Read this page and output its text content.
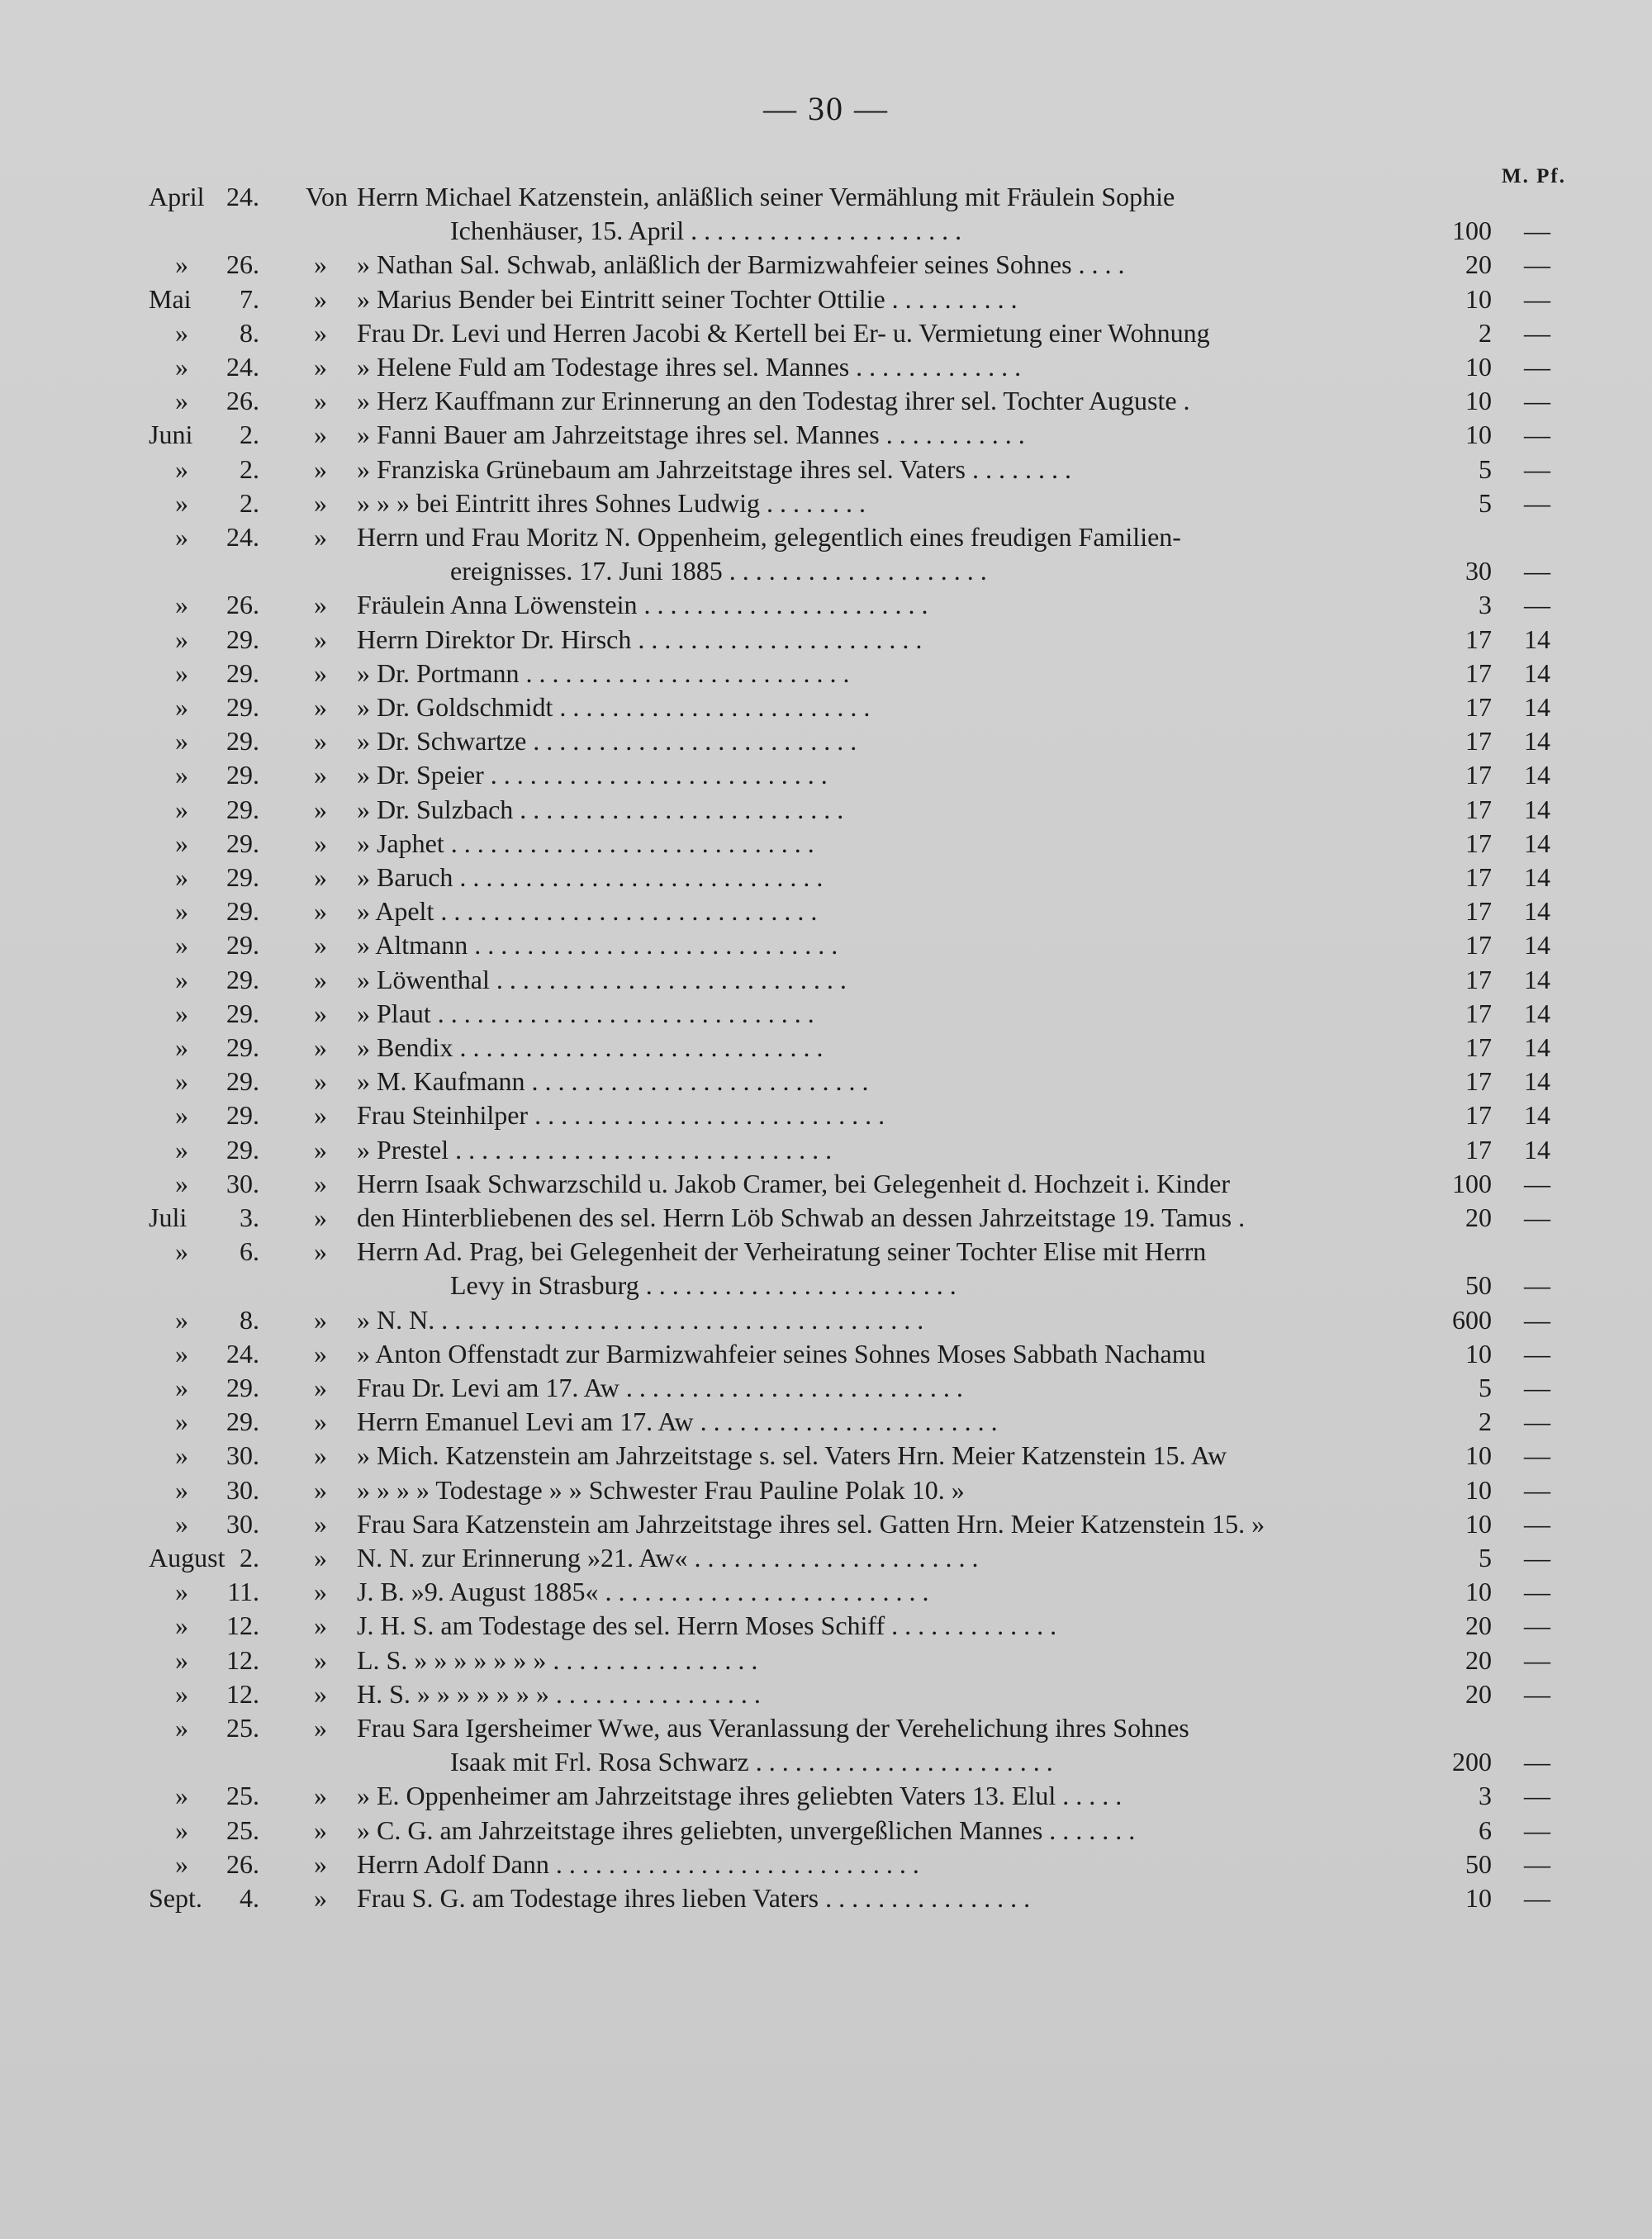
— 30 —
M. Pf.
April 24. Von Herrn Michael Katzenstein, anläßlich seiner Vermählung mit Fräulein Sophie
Ichenhäuser, 15. April . . . . . . . . . . . . . . . . . . . . .	100 —
»	26. » » Nathan Sal. Schwab, anläßlich der Barmizwahfeier seines Sohnes . . . .	20 —
Mai	7. » » Marius Bender bei Eintritt seiner Tochter Ottilie . . . . . . . . . .	10 —
»	8. » Frau Dr. Levi und Herren Jacobi & Kertell bei Er- u. Vermietung einer Wohnung	2 —
»	24. » » Helene Fuld am Todestage ihres sel. Mannes . . . . . . . . . . . . .	10 —
»	26. » » Herz Kauffmann zur Erinnerung an den Todestag ihrer sel. Tochter Auguste .	10 —
Juni	2. » » Fanni Bauer am Jahrzeitstage ihres sel. Mannes . . . . . . . . . . .	10 —
»	2. » » Franziska Grünebaum am Jahrzeitstage ihres sel. Vaters . . . . . . . .	5 —
»	2. » » » » bei Eintritt ihres Sohnes Ludwig . . . . . . . .	5 —
»	24. » Herrn und Frau Moritz N. Oppenheim, gelegentlich eines freudigen Familien-
ereignisses. 17. Juni 1885 . . . . . . . . . . . . . . . . . . . .	30 —
»	26. » Fräulein Anna Löwenstein . . . . . . . . . . . . . . . . . . . . . .	3 —
»	29. » Herrn Direktor Dr. Hirsch . . . . . . . . . . . . . . . . . . . . . .	17 14
»	29. » » Dr. Portmann . . . . . . . . . . . . . . . . . . . . . . . . .	17 14
»	29. » » Dr. Goldschmidt . . . . . . . . . . . . . . . . . . . . . . . .	17 14
»	29. » » Dr. Schwartze . . . . . . . . . . . . . . . . . . . . . . . . .	17 14
»	29. » » Dr. Speier . . . . . . . . . . . . . . . . . . . . . . . . . .	17 14
»	29. » » Dr. Sulzbach . . . . . . . . . . . . . . . . . . . . . . . . .	17 14
»	29. » » Japhet . . . . . . . . . . . . . . . . . . . . . . . . . . . .	17 14
»	29. » » Baruch . . . . . . . . . . . . . . . . . . . . . . . . . . . .	17 14
»	29. » » Apelt . . . . . . . . . . . . . . . . . . . . . . . . . . . . .	17 14
»	29. » » Altmann . . . . . . . . . . . . . . . . . . . . . . . . . . . .	17 14
»	29. » » Löwenthal . . . . . . . . . . . . . . . . . . . . . . . . . . .	17 14
»	29. » » Plaut . . . . . . . . . . . . . . . . . . . . . . . . . . . . .	17 14
»	29. » » Bendix . . . . . . . . . . . . . . . . . . . . . . . . . . . .	17 14
»	29. » » M. Kaufmann . . . . . . . . . . . . . . . . . . . . . . . . . .	17 14
»	29. » Frau Steinhilper . . . . . . . . . . . . . . . . . . . . . . . . . . .	17 14
»	29. » » Prestel . . . . . . . . . . . . . . . . . . . . . . . . . . . . .	17 14
»	30. » Herrn Isaak Schwarzschild u. Jakob Cramer, bei Gelegenheit d. Hochzeit i. Kinder	100 —
Juli	3. » den Hinterbliebenen des sel. Herrn Löb Schwab an dessen Jahrzeitstage 19. Tamus .	20 —
»	6. » Herrn Ad. Prag, bei Gelegenheit der Verheiratung seiner Tochter Elise mit Herrn
Levy in Strasburg . . . . . . . . . . . . . . . . . . . . . . . .	50 —
»	8. » » N. N. . . . . . . . . . . . . . . . . . . . . . . . . . . . . . . . . . . . . .	600 —
»	24. » » Anton Offenstadt zur Barmizwahfeier seines Sohnes Moses Sabbath Nachamu	10 —
»	29. » Frau Dr. Levi am 17. Aw . . . . . . . . . . . . . . . . . . . . . . . . . .	5 —
»	29. » Herrn Emanuel Levi am 17. Aw . . . . . . . . . . . . . . . . . . . . . . .	2 —
»	30. » » Mich. Katzenstein am Jahrzeitstage s. sel. Vaters Hrn. Meier Katzenstein 15. Aw	10 —
»	30. » » » » » Todestage » » Schwester Frau Pauline Polak 10. »	10 —
»	30. » Frau Sara Katzenstein am Jahrzeitstage ihres sel. Gatten Hrn. Meier Katzenstein 15. »	10 —
August 2. » N. N. zur Erinnerung »21. Aw« . . . . . . . . . . . . . . . . . . . . . .	5 —
»	11. » J. B. »9. August 1885« . . . . . . . . . . . . . . . . . . . . . . . . .	10 —
»	12. » J. H. S. am Todestage des sel. Herrn Moses Schiff . . . . . . . . . . . . .	20 —
»	12. » L. S. » » » » » » » . . . . . . . . . . . . . . . .	20 —
»	12. » H. S. » » » » » » » . . . . . . . . . . . . . . . .	20 —
»	25. » Frau Sara Igersheimer Wwe, aus Veranlassung der Verehelichung ihres Sohnes
Isaak mit Frl. Rosa Schwarz . . . . . . . . . . . . . . . . . . . . . . .	200 —
»	25. » » E. Oppenheimer am Jahrzeitstage ihres geliebten Vaters 13. Elul . . . . .	3 —
»	25. » » C. G. am Jahrzeitstage ihres geliebten, unvergeßlichen Mannes . . . . . . .	6 —
»	26. » Herrn Adolf Dann . . . . . . . . . . . . . . . . . . . . . . . . . . . .	50 —
Sept.	4. » Frau S. G. am Todestage ihres lieben Vaters . . . . . . . . . . . . . . . .	10 —
